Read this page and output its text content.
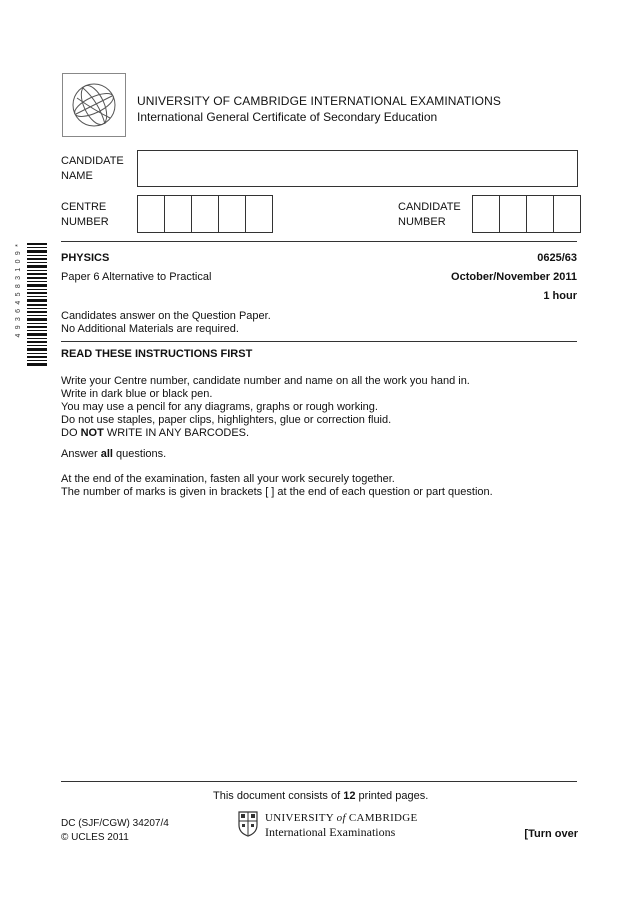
UNIVERSITY OF CAMBRIDGE INTERNATIONAL EXAMINATIONS
International General Certificate of Secondary Education
CANDIDATE
NAME
CENTRE
NUMBER
CANDIDATE
NUMBER
4 9 3 6 4 5 8 3 1 0 9 *	PHYSICS	0625/63
Paper 6 Alternative to Practical	October/November 2011
1 hour
Candidates answer on the Question Paper.
No Additional Materials are required.
READ THESE INSTRUCTIONS FIRST
Write your Centre number, candidate number and name on all the work you hand in.
Write in dark blue or black pen.
You may use a pencil for any diagrams, graphs or rough working.
Do not use staples, paper clips, highlighters, glue or correction fluid.
DO NOT WRITE IN ANY BARCODES.
Answer all questions.
At the end of the examination, fasten all your work securely together.
The number of marks is given in brackets [ ] at the end of each question or part question.
This document consists of 12 printed pages.
DC (SJF/CGW) 34207/4
© UCLES 2011
UNIVERSITY of CAMBRIDGE
International Examinations	[Turn over
